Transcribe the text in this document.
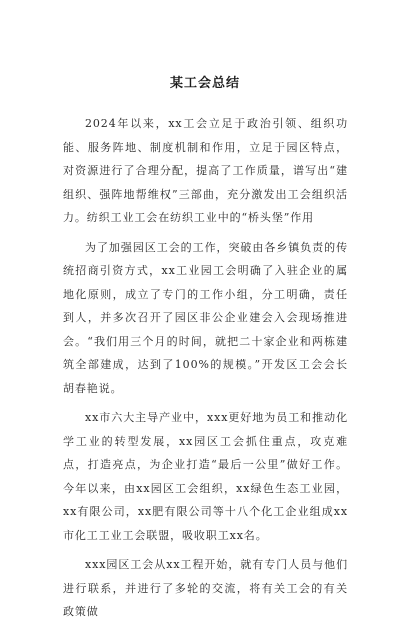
某工会总结

2024年以来，xx工会立足于政治引领、组织功能、服务阵地、制度机制和作用，立足于园区特点，对资源进行了合理分配，提高了工作质量，谱写出“建组织、强阵地帮维权”三部曲，充分激发出工会组织活力。纺织工业工会在纺织工业中的“桥头堡”作用

为了加强园区工会的工作，突破由各乡镇负责的传统招商引资方式，xx工业园工会明确了入驻企业的属地化原则，成立了专门的工作小组，分工明确，责任到人，并多次召开了园区非公企业建会入会现场推进会。“我们用三个月的时间，就把二十家企业和两栋建筑全部建成，达到了100%的规模。”开发区工会会长胡春艳说。

xx市六大主导产业中，xxx更好地为员工和推动化学工业的转型发展，xx园区工会抓住重点，攻克难点，打造亮点，为企业打造“最后一公里”做好工作。今年以来，由xx园区工会组织，xx绿色生态工业园，xx有限公司，xx肥有限公司等十八个化工企业组成xx市化工工业工会联盟，吸收职工xx名。

xxx园区工会从xx工程开始，就有专门人员与他们进行联系，并进行了多轮的交流，将有关工会的有关政策做
